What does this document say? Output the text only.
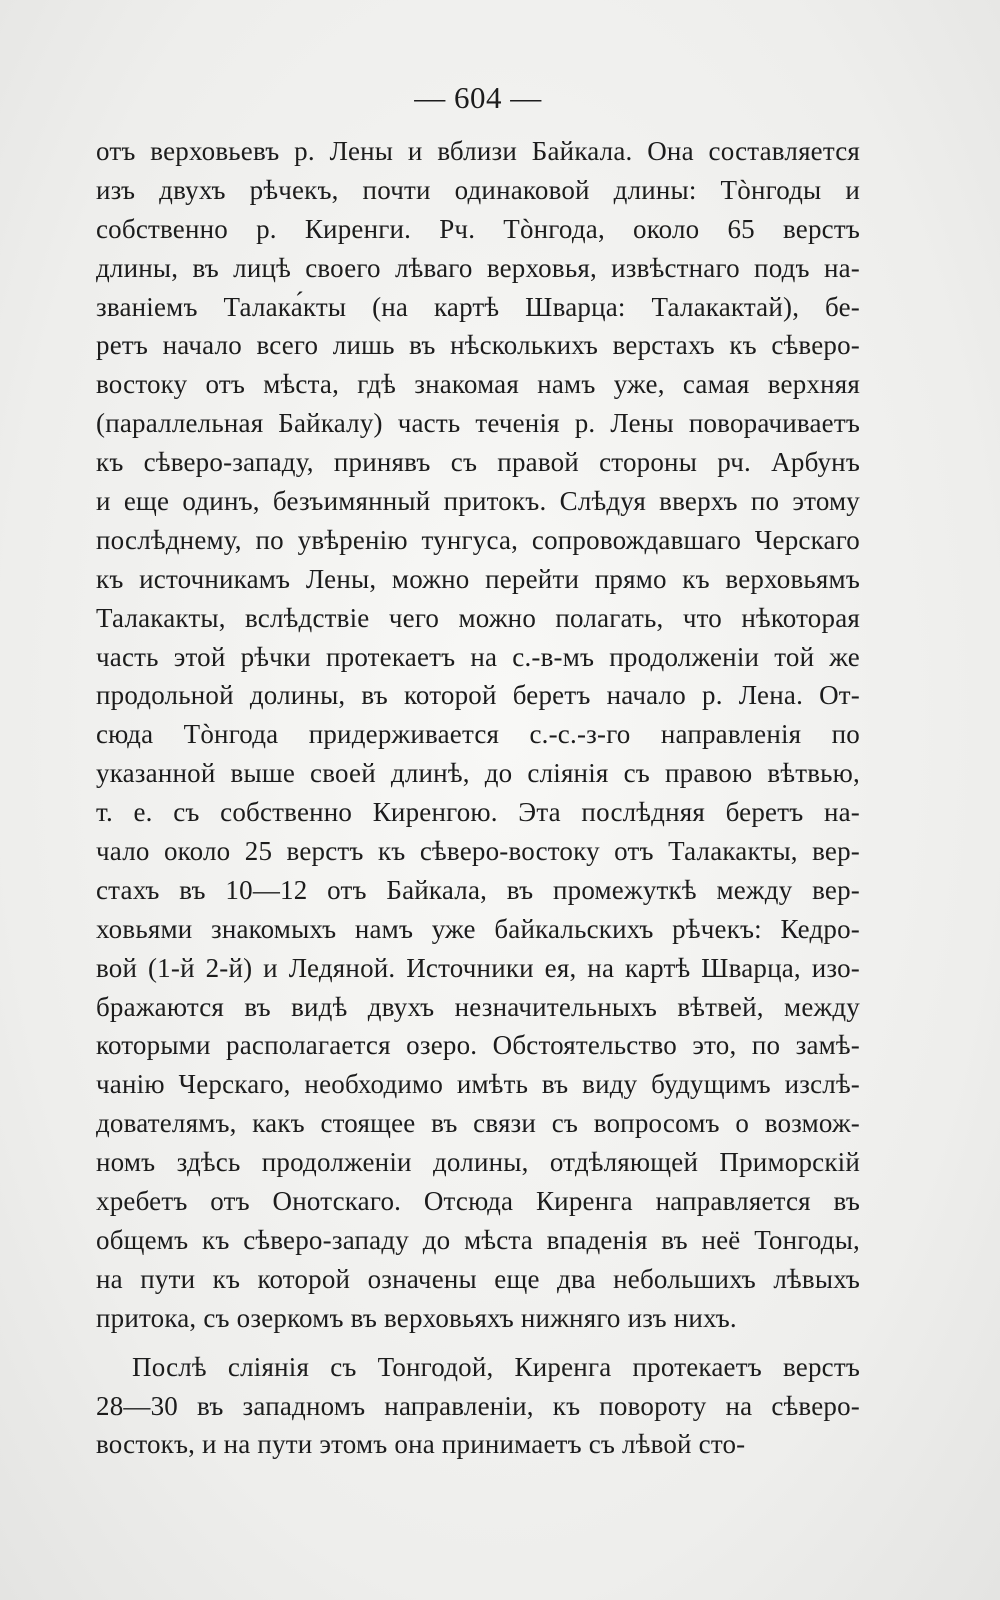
— 604 —
отъ верховьевъ р. Лены и вблизи Байкала. Она составляется
изъ двухъ рѣчекъ, почти одинаковой длины: Тòнгоды и
собственно р. Киренги. Рч. Тòнгода, около 65 верстъ
длины, въ лицѣ своего лѣваго верховья, извѣстнаго подъ на-
званіемъ Талака́кты (на картѣ Шварца: Талакактай), бе-
ретъ начало всего лишь въ нѣсколькихъ верстахъ къ сѣверо-
востоку отъ мѣста, гдѣ знакомая намъ уже, самая верхняя
(параллельная Байкалу) часть теченія р. Лены поворачиваетъ
къ сѣверо-западу, принявъ съ правой стороны рч. Арбунъ
и еще одинъ, безъимянный притокъ. Слѣдуя вверхъ по этому
послѣднему, по увѣренію тунгуса, сопровождавшаго Черскаго
къ источникамъ Лены, можно перейти прямо къ верховьямъ
Талакакты, вслѣдствіе чего можно полагать, что нѣкоторая
часть этой рѣчки протекаетъ на с.-в-мъ продолженіи той же
продольной долины, въ которой беретъ начало р. Лена. От-
сюда Тòнгода придерживается с.-с.-з-го направленія по
указанной выше своей длинѣ, до сліянія съ правою вѣтвью,
т. е. съ собственно Киренгою. Эта послѣдняя беретъ на-
чало около 25 верстъ къ сѣверо-востоку отъ Талакакты, вер-
стахъ въ 10—12 отъ Байкала, въ промежуткѣ между вер-
ховьями знакомыхъ намъ уже байкальскихъ рѣчекъ: Кедро-
вой (1-й 2-й) и Ледяной. Источники ея, на картѣ Шварца, изо-
бражаются въ видѣ двухъ незначительныхъ вѣтвей, между
которыми располагается озеро. Обстоятельство это, по замѣ-
чанію Черскаго, необходимо имѣть въ виду будущимъ изслѣ-
дователямъ, какъ стоящее въ связи съ вопросомъ о возмож-
номъ здѣсь продолженіи долины, отдѣляющей Приморскій
хребетъ отъ Онотскаго. Отсюда Киренга направляется въ
общемъ къ сѣверо-западу до мѣста впаденія въ неё Тонгоды,
на пути къ которой означены еще два небольшихъ лѣвыхъ
притока, съ озеркомъ въ верховьяхъ нижняго изъ нихъ.
Послѣ сліянія съ Тонгодой, Киренга протекаетъ верстъ
28—30 въ западномъ направленіи, къ повороту на сѣверо-
востокъ, и на пути этомъ она принимаетъ съ лѣвой сто-
